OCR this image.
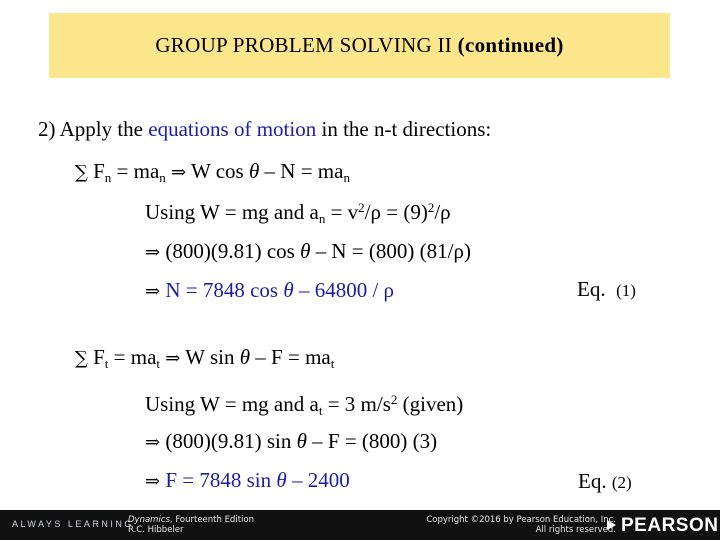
GROUP PROBLEM SOLVING II (continued)
2) Apply the equations of motion in the n-t directions:
∑ $F_n = ma_n$ ⇒ W $\cos \theta - N = ma_n$
Using W = mg and $a_n = v^2/\rho = (9)^2/\rho$
⇒ (800)(9.81) cos θ – N = (800) (81/ρ)
⇒ N = 7848 cos θ – 64800 / ρ	Eq. (1)
∑ $F_t = ma_t$ ⇒ W $\sin \theta - F = ma_t$
Using W = mg and $a_t = 3$ $m/s^2$ (given)
⇒ (800)(9.81) sin θ – F = (800) (3)
⇒ F = 7848 sin θ – 2400	Eq. (2)
ALWAYS LEARNING
Dynamics, Fourteenth Edition
R.C. Hibbeler
Copyright ©2016 by Pearson Education, Inc.
All rights reserved. PEARSON
